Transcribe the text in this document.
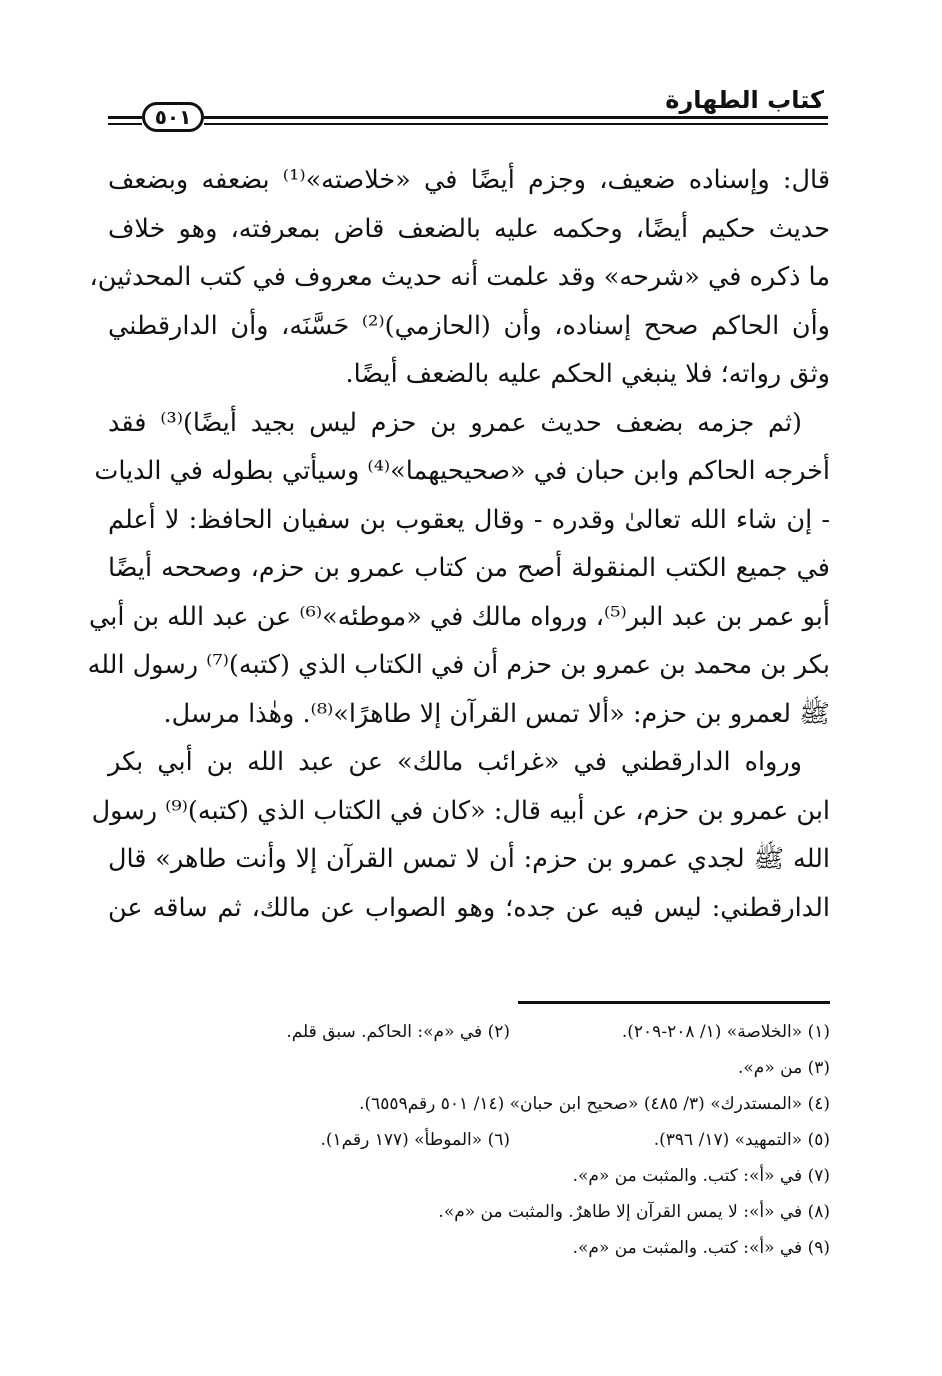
كتاب الطهارة
٥٠١
قال: وإسناده ضعيف، وجزم أيضًا في «خلاصته»⁽¹⁾ بضعفه وبضعف
حديث حكيم أيضًا، وحكمه عليه بالضعف قاض بمعرفته، وهو خلاف
ما ذكره في «شرحه» وقد علمت أنه حديث معروف في كتب المحدثين،
وأن الحاكم صحح إسناده، وأن (الحازمي)⁽²⁾ حَسَّنَه، وأن الدارقطني
وثق رواته؛ فلا ينبغي الحكم عليه بالضعف أيضًا.
(ثم جزمه بضعف حديث عمرو بن حزم ليس بجيد أيضًا)⁽³⁾ فقد
أخرجه الحاكم وابن حبان في «صحيحيهما»⁽⁴⁾ وسيأتي بطوله في الديات
- إن شاء الله تعالىٰ وقدره - وقال يعقوب بن سفيان الحافظ: لا أعلم
في جميع الكتب المنقولة أصح من كتاب عمرو بن حزم، وصححه أيضًا
أبو عمر بن عبد البر⁽⁵⁾، ورواه مالك في «موطئه»⁽⁶⁾ عن عبد الله بن أبي
بكر بن محمد بن عمرو بن حزم أن في الكتاب الذي (كتبه)⁽⁷⁾ رسول الله
ﷺ لعمرو بن حزم: «ألا تمس القرآن إلا طاهرًا»⁽⁸⁾. وهٰذا مرسل.
ورواه الدارقطني في «غرائب مالك» عن عبد الله بن أبي بكر
ابن عمرو بن حزم، عن أبيه قال: «كان في الكتاب الذي (كتبه)⁽⁹⁾ رسول
الله ﷺ لجدي عمرو بن حزم: أن لا تمس القرآن إلا وأنت طاهر» قال
الدارقطني: ليس فيه عن جده؛ وهو الصواب عن مالك، ثم ساقه عن
(١) «الخلاصة» (١/ ٢٠٨-٢٠٩).
(٢) في «م»: الحاكم. سبق قلم.
(٣) من «م».
(٤) «المستدرك» (٣/ ٤٨٥) «صحيح ابن حبان» (١٤/ ٥٠١ رقم٦٥٥٩).
(٥) «التمهيد» (١٧/ ٣٩٦).
(٦) «الموطأ» (١٧٧ رقم١).
(٧) في «أ»: كتب. والمثبت من «م».
(٨) في «أ»: لا يمس القرآن إلا طاهرٌ. والمثبت من «م».
(٩) في «أ»: كتب. والمثبت من «م».
